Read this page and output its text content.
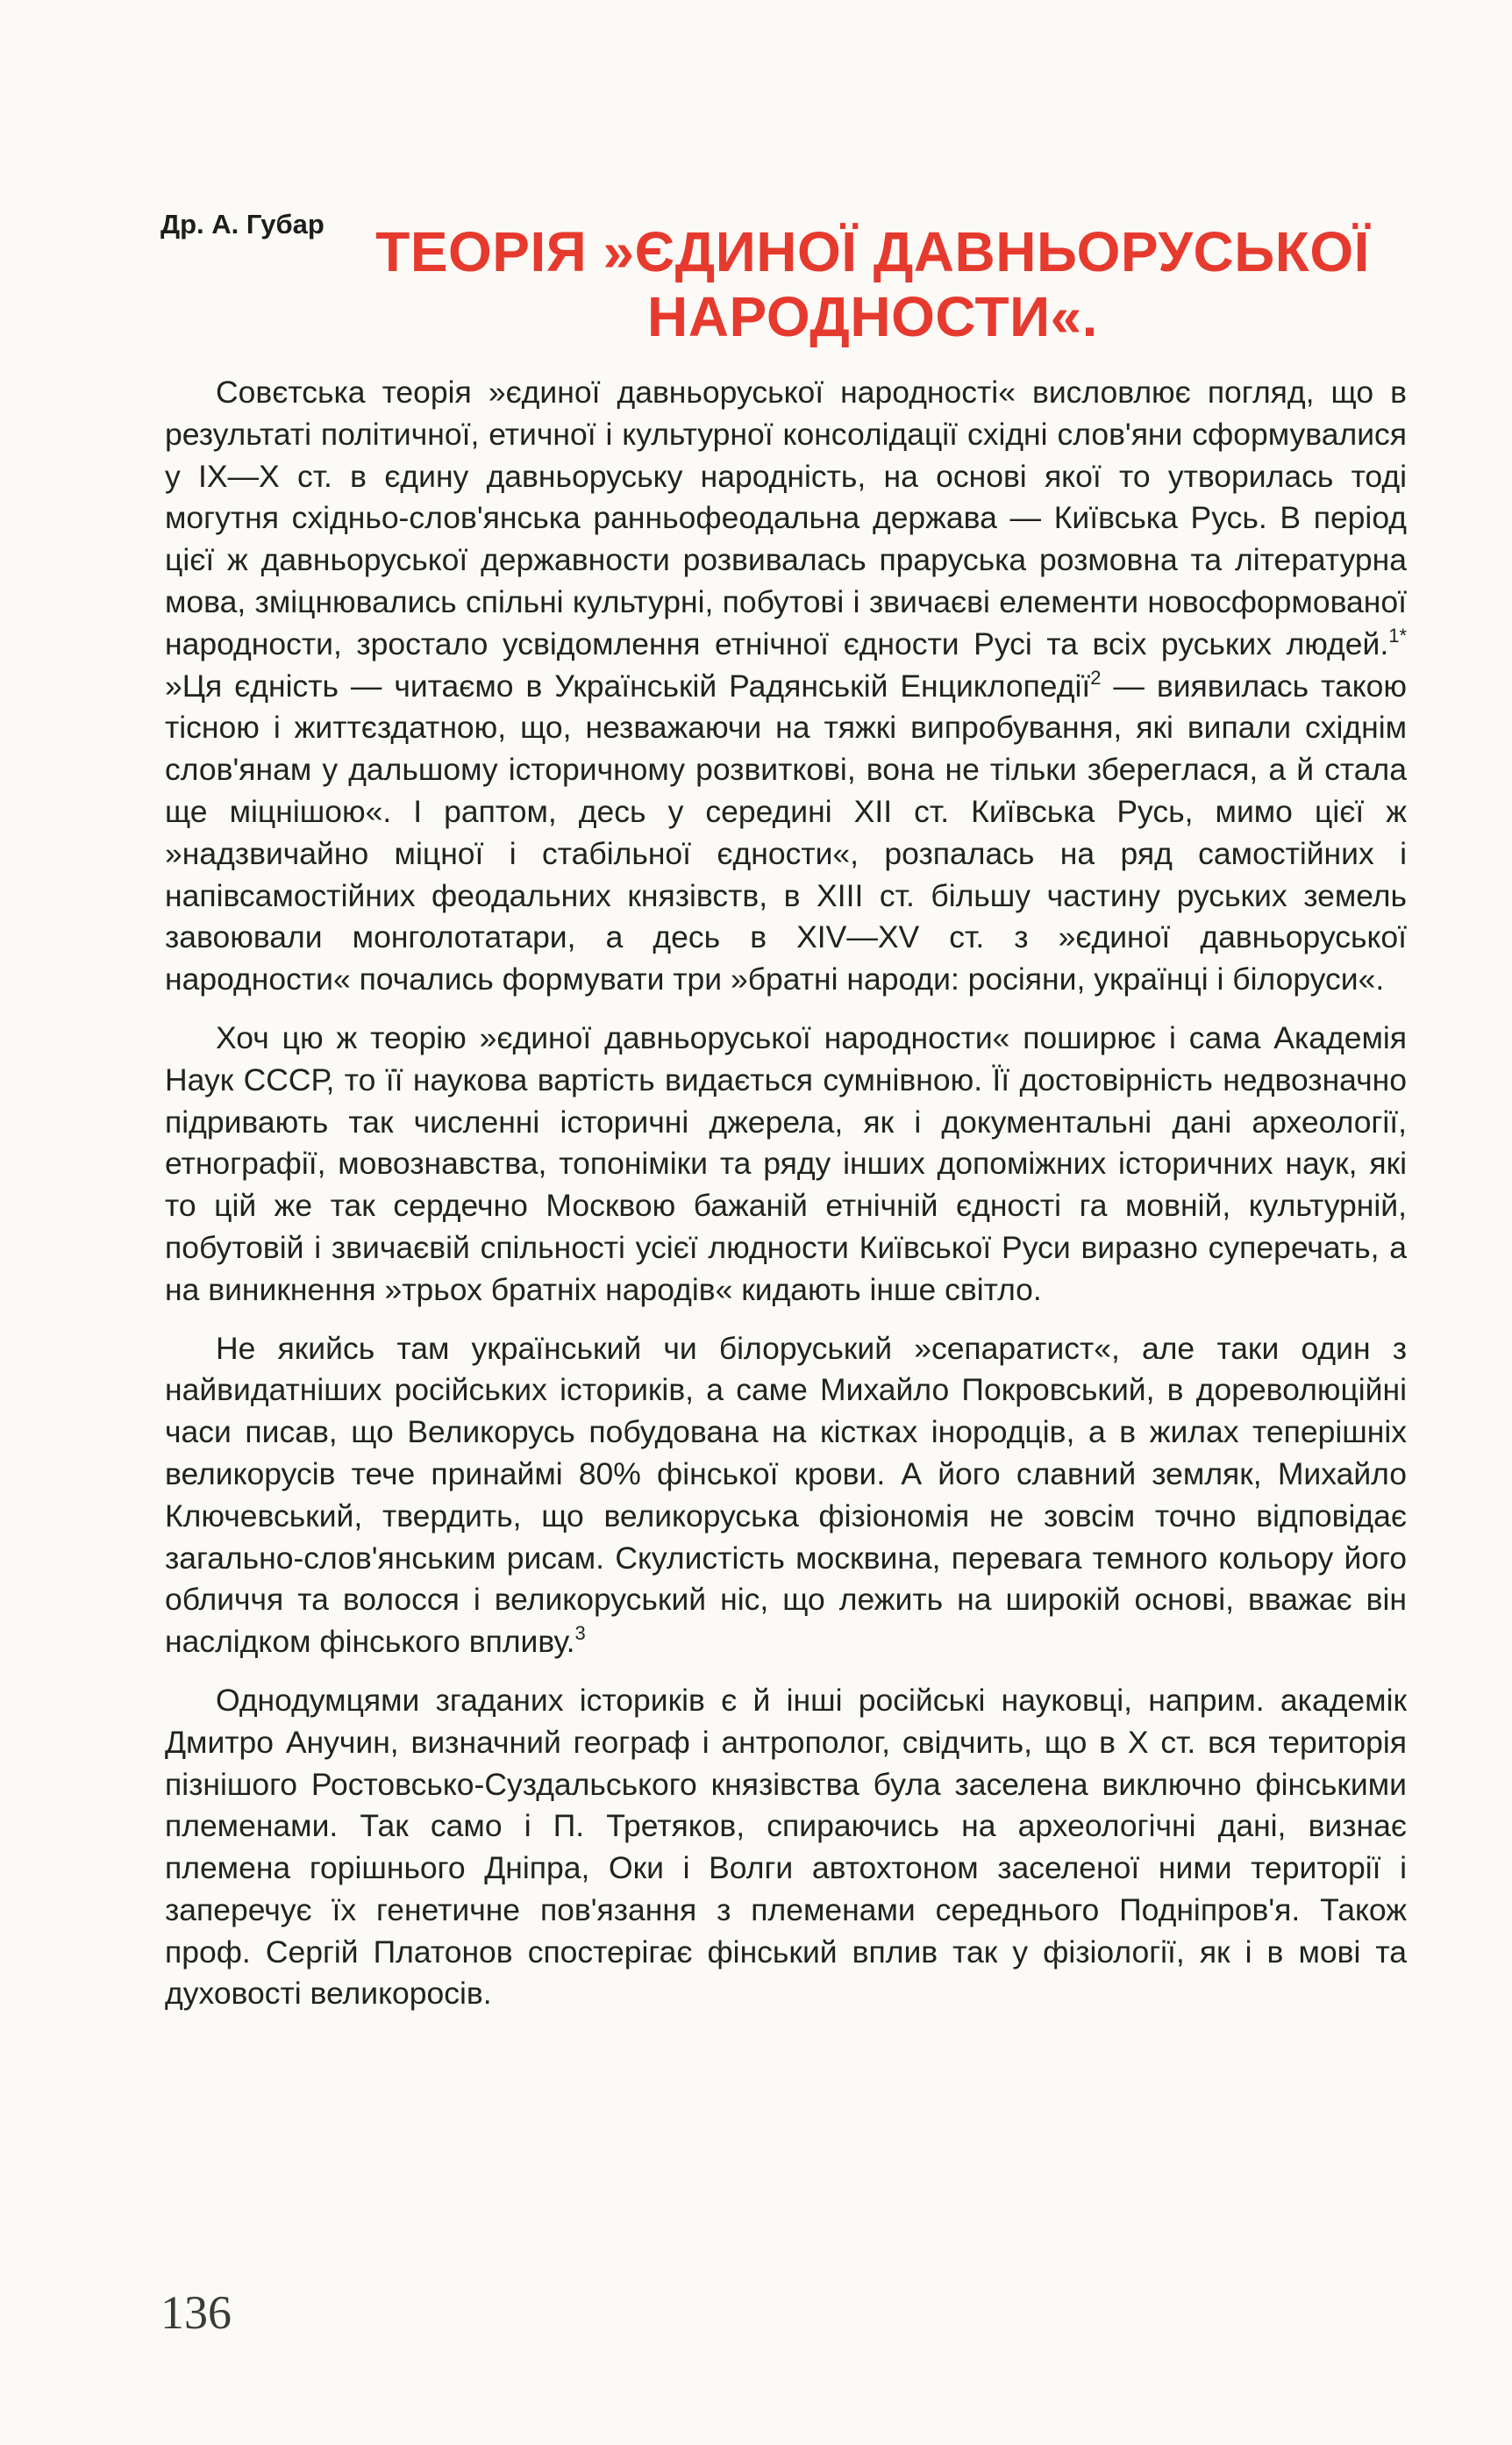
Др. А. Губар ТЕОРІЯ »ЄДИНОЇ ДАВНЬОРУСЬКОЇ
НАРОДНОСТИ«.

Совєтська теорія »єдиної давньоруської народності« висловлює погляд, що в результаті політичної, етичної і культурної консолідації східні слов'яни сформувалися у IX—X ст. в єдину давньоруську народність, на основі якої то утворилась тоді могутня східньо-слов'янська ранньофеодальна держава — Київська Русь. В період цієї ж давньоруської державности розвивалась праруська розмовна та літературна мова, зміцнювались спільні культурні, побутові і звичаєві елементи новосформованої народности, зростало усвідомлення етнічної єдности Русі та всіх руських людей.$^{1*}$ »Ця єдність — читаємо в Українській Радянській Енциклопедії$^2$ — виявилась такою тісною і життєздатною, що, незважаючи на тяжкі випробування, які випали східнім слов'янам у дальшому історичному розвиткові, вона не тільки збереглася, а й стала ще міцнішою«. І раптом, десь у середині XII ст. Київська Русь, мимо цієї ж »надзвичайно міцної і стабільної єдности«, розпалась на ряд самостійних і напівсамостійних феодальних князівств, в XIII ст. більшу частину руських земель завоювали монголотатари, а десь в XIV—XV ст. з »єдиної давньоруської народности« почались формувати три »братні народи: росіяни, українці і білоруси«.

Хоч цю ж теорію »єдиної давньоруської народности« поширює і сама Академія Наук СССР, то її наукова вартість видається сумнівною. Її достовірність недвозначно підривають так численні історичні джерела, як і документальні дані археології, етнографії, мовознавства, топоніміки та ряду інших допоміжних історичних наук, які то цій же так сердечно Москвою бажаній етнічній єдності га мовній, культурній, побутовій і звичаєвій спільності усієї людности Київської Руси виразно суперечать, а на виникнення »трьох братніх народів« кидають інше світло.

Не якийсь там український чи білоруський »сепаратист«, але таки один з найвидатніших російських істориків, а саме Михайло Покровський, в дореволюційні часи писав, що Великорусь побудована на кістках інородців, а в жилах теперішніх великорусів тече принаймі 80% фінської крови. А його славний земляк, Михайло Ключевський, твердить, що великоруська фізіономія не зовсім точно відповідає загально-слов'янським рисам. Скулистість москвина, перевага темного кольору його обличчя та волосся і великоруський ніс, що лежить на широкій основі, вважає він наслідком фінського впливу.$^3$

Однодумцями згаданих істориків є й інші російські науковці, наприм. академік Дмитро Анучин, визначний географ і антрополог, свідчить, що в X ст. вся територія пізнішого Ростовсько-Суздальського князівства була заселена виключно фінськими племенами. Так само і П. Третяков, спираючись на археологічні дані, визнає племена горішнього Дніпра, Оки і Волги автохтоном заселеної ними території і заперечує їх генетичне пов'язання з племенами середнього Подніпров'я. Також проф. Сергій Платонов спостерігає фінський вплив так у фізіології, як і в мові та духовості великоросів.

136
